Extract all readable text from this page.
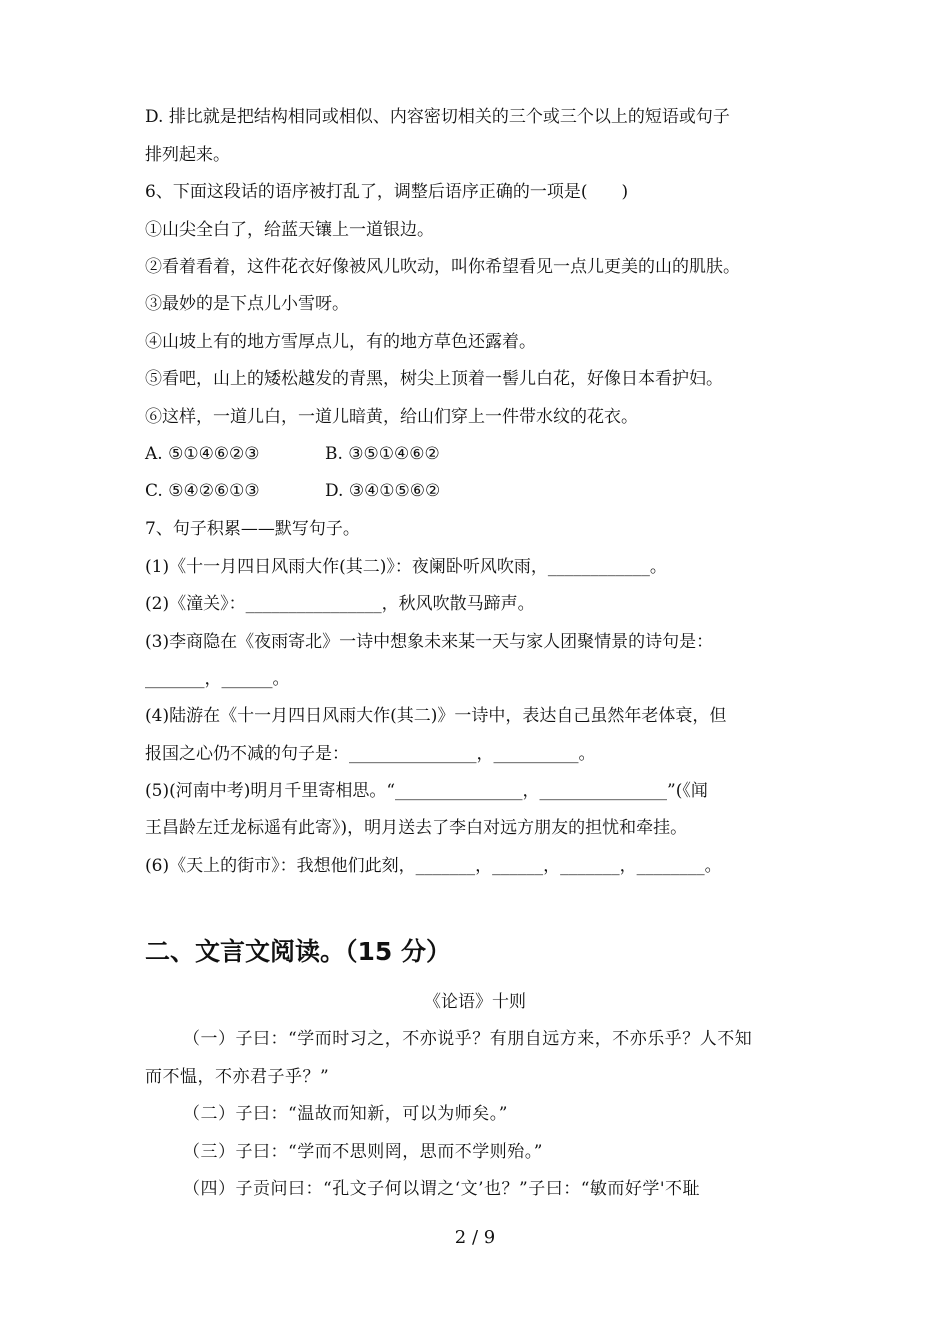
D. 排比就是把结构相同或相似、内容密切相关的三个或三个以上的短语或句子
排列起来。
6、下面这段话的语序被打乱了，调整后语序正确的一项是(　　)
①山尖全白了，给蓝天镶上一道银边。
②看着看着，这件花衣好像被风儿吹动，叫你希望看见一点儿更美的山的肌肤。
③最妙的是下点儿小雪呀。
④山坡上有的地方雪厚点儿，有的地方草色还露着。
⑤看吧，山上的矮松越发的青黑，树尖上顶着一髻儿白花，好像日本看护妇。
⑥这样，一道儿白，一道儿暗黄，给山们穿上一件带水纹的花衣。
A. ⑤①④⑥②③	B. ③⑤①④⑥②
C. ⑤④②⑥①③	D. ③④①⑤⑥②
7、句子积累——默写句子。
(1)《十一月四日风雨大作(其二)》：夜阑卧听风吹雨，____________。
(2)《潼关》：________________，秋风吹散马蹄声。
(3)李商隐在《夜雨寄北》一诗中想象未来某一天与家人团聚情景的诗句是：
_______，______。
(4)陆游在《十一月四日风雨大作(其二)》一诗中，表达自己虽然年老体衰，但
报国之心仍不减的句子是：_______________，__________。
(5)(河南中考)明月千里寄相思。“_______________，_______________”(《闻
王昌龄左迁龙标遥有此寄》)，明月送去了李白对远方朋友的担忧和牵挂。
(6)《天上的街市》：我想他们此刻，_______，______，_______，________。
二、文言文阅读。（15 分）
《论语》十则
（一）子曰：“学而时习之，不亦说乎？有朋自远方来，不亦乐乎？人不知
而不愠，不亦君子乎？”
（二）子曰：“温故而知新，可以为师矣。”
（三）子曰：“学而不思则罔，思而不学则殆。”
（四）子贡问曰：“孔文子何以谓之‘文’也？”子曰：“敏而好学'不耻
2 / 9
